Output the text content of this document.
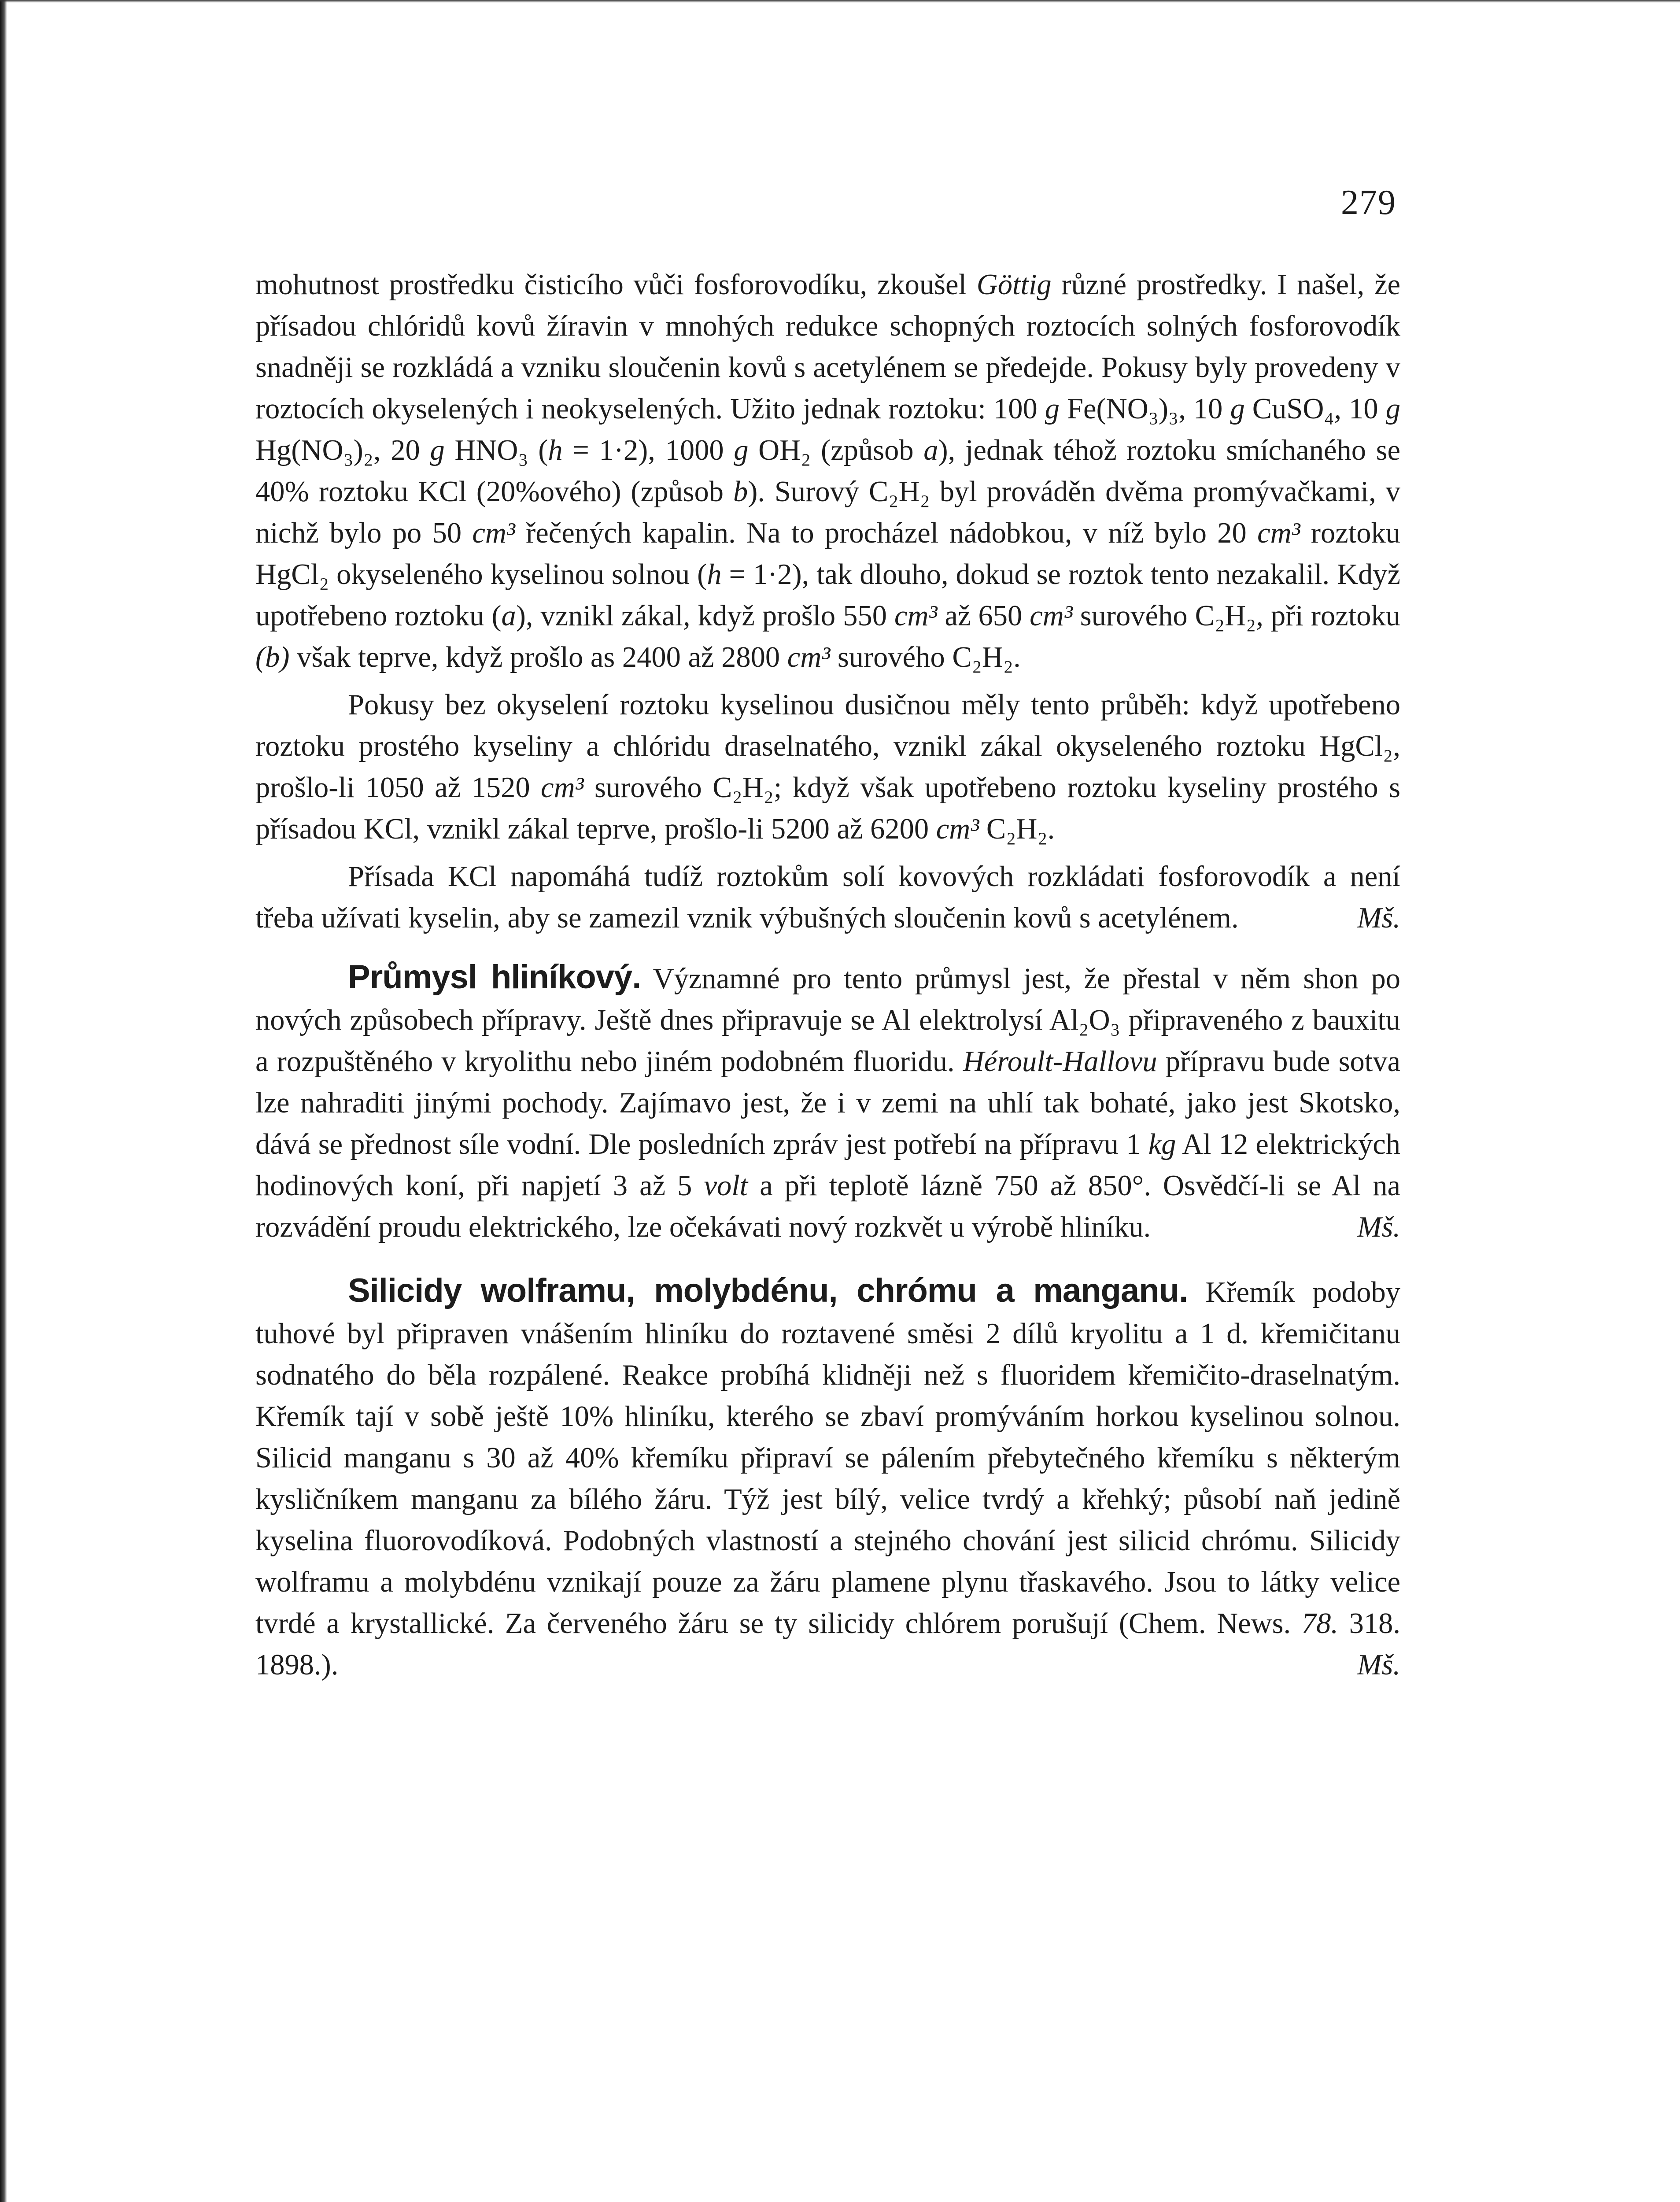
279

mohutnost prostředku čisticího vůči fosforovodíku, zkoušel Göttig různé prostředky. I našel, že přísadou chlóridů kovů žíravin v mnohých redukce schopných roztocích solných fosforovodík snadněji se rozkládá a vzniku sloučenin kovů s acetylénem se předejde. Pokusy byly provedeny v roztocích okyselených i neokyselených. Užito jednak roztoku: 100 g Fe(NO₃)₃, 10 g CuSO₄, 10 g Hg(NO₃)₂, 20 g HNO₃ (h = 1·2), 1000 g OH₂ (způsob a), jednak téhož roztoku smíchaného se 40% roztoku KCl (20%ového) (způsob b). Surový C₂H₂ byl prováděn dvěma promývačkami, v nichž bylo po 50 cm³ řečených kapalin. Na to procházel nádobkou, v níž bylo 20 cm³ roztoku HgCl₂ okyseleného kyselinou solnou (h = 1·2), tak dlouho, dokud se roztok tento nezakalil. Když upotřebeno roztoku (a), vznikl zákal, když prošlo 550 cm³ až 650 cm³ surového C₂H₂, při roztoku (b) však teprve, když prošlo as 2400 až 2800 cm³ surového C₂H₂.

Pokusy bez okyselení roztoku kyselinou dusičnou měly tento průběh: když upotřebeno roztoku prostého kyseliny a chlóridu draselnatého, vznikl zákal okyseleného roztoku HgCl₂, prošlo-li 1050 až 1520 cm³ surového C₂H₂; když však upotřebeno roztoku kyseliny prostého s přísadou KCl, vznikl zákal teprve, prošlo-li 5200 až 6200 cm³ C₂H₂.

Přísada KCl napomáhá tudíž roztokům solí kovových rozkládati fosforovodík a není třeba užívati kyselin, aby se zamezil vznik výbušných sloučenin kovů s acetylénem.	Mš.

Průmysl hliníkový. Významné pro tento průmysl jest, že přestal v něm shon po nových způsobech přípravy. Ještě dnes připravuje se Al elektrolysí Al₂O₃ připraveného z bauxitu a rozpuštěného v kryolithu nebo jiném podobném fluoridu. Héroult-Hallovu přípravu bude sotva lze nahraditi jinými pochody. Zajímavo jest, že i v zemi na uhlí tak bohaté, jako jest Skotsko, dává se přednost síle vodní. Dle posledních zpráv jest potřebí na přípravu 1 kg Al 12 elektrických hodinových koní, při napjetí 3 až 5 volt a při teplotě lázně 750 až 850°. Osvědčí-li se Al na rozvádění proudu elektrického, lze očekávati nový rozkvět u výrobě hliníku.	Mš.

Silicidy wolframu, molybdénu, chrómu a manganu. Křemík podoby tuhové byl připraven vnášením hliníku do roztavené směsi 2 dílů kryolitu a 1 d. křemičitanu sodnatého do běla rozpálené. Reakce probíhá klidněji než s fluoridem křemičito-draselnatým. Křemík tají v sobě ještě 10% hliníku, kterého se zbaví promýváním horkou kyselinou solnou. Silicid manganu s 30 až 40% křemíku připraví se pálením přebytečného křemíku s některým kysličníkem manganu za bílého žáru. Týž jest bílý, velice tvrdý a křehký; působí naň jedině kyselina fluorovodíková. Podobných vlastností a stejného chování jest silicid chrómu. Silicidy wolframu a molybdénu vznikají pouze za žáru plamene plynu třaskavého. Jsou to látky velice tvrdé a krystallické. Za červeného žáru se ty silicidy chlórem porušují (Chem. News. 78. 318. 1898.).	Mš.
